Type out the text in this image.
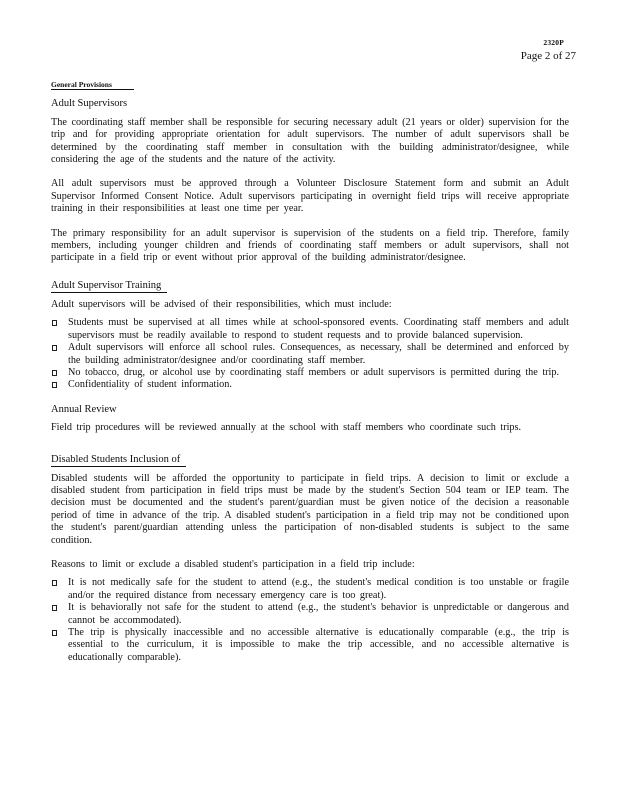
2320P
Page 2 of 27
General Provisions
Adult Supervisors

The coordinating staff member shall be responsible for securing necessary adult (21 years or older) supervision for the trip and for providing appropriate orientation for adult supervisors. The number of adult supervisors shall be determined by the coordinating staff member in consultation with the building administrator/designee, while considering the age of the students and the nature of the activity.

All adult supervisors must be approved through a Volunteer Disclosure Statement form and submit an Adult Supervisor Informed Consent Notice. Adult supervisors participating in overnight field trips will receive appropriate training in their responsibilities at least one time per year.

The primary responsibility for an adult supervisor is supervision of the students on a field trip. Therefore, family members, including younger children and friends of coordinating staff members or adult supervisors, shall not participate in a field trip or event without prior approval of the building administrator/designee.

Adult Supervisor Training

Adult supervisors will be advised of their responsibilities, which must include:

Students must be supervised at all times while at school-sponsored events. Coordinating staff members and adult supervisors must be readily available to respond to student requests and to provide balanced supervision.
Adult supervisors will enforce all school rules. Consequences, as necessary, shall be determined and enforced by the building administrator/designee and/or coordinating staff member.
No tobacco, drug, or alcohol use by coordinating staff members or adult supervisors is permitted during the trip.
Confidentiality of student information.
Annual Review

Field trip procedures will be reviewed annually at the school with staff members who coordinate such trips.

Disabled Students Inclusion of

Disabled students will be afforded the opportunity to participate in field trips. A decision to limit or exclude a disabled student from participation in field trips must be made by the student's Section 504 team or IEP team. The decision must be documented and the student's parent/guardian must be given notice of the decision a reasonable period of time in advance of the trip. A disabled student's participation in a field trip may not be conditioned upon the student's parent/guardian attending unless the participation of non-disabled students is subject to the same condition.

Reasons to limit or exclude a disabled student's participation in a field trip include:

It is not medically safe for the student to attend (e.g., the student's medical condition is too unstable or fragile and/or the required distance from necessary emergency care is too great).
It is behaviorally not safe for the student to attend (e.g., the student's behavior is unpredictable or dangerous and cannot be accommodated).
The trip is physically inaccessible and no accessible alternative is educationally comparable (e.g., the trip is essential to the curriculum, it is impossible to make the trip accessible, and no accessible alternative is educationally comparable).
